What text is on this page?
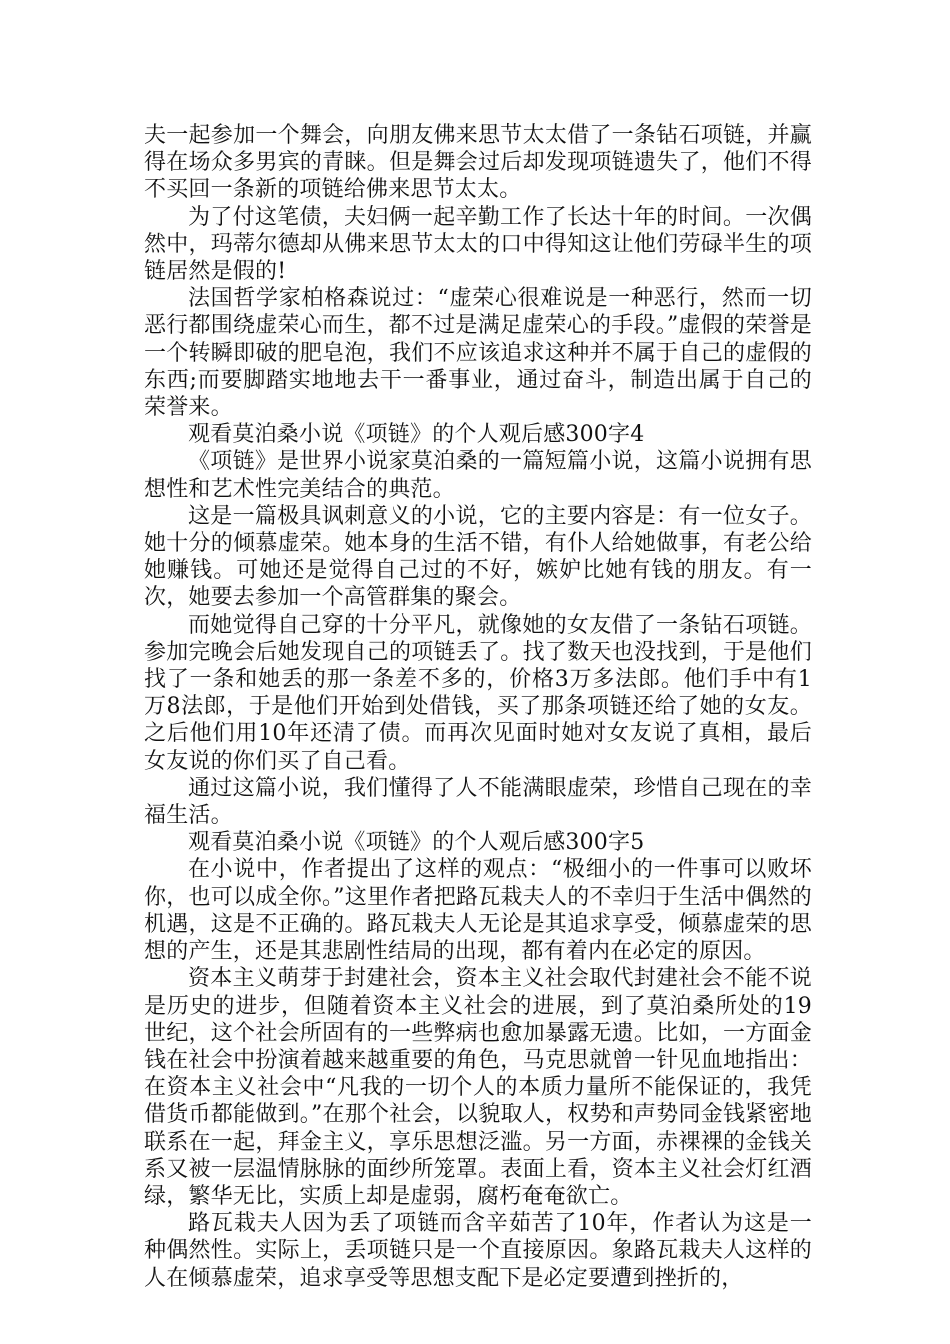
夫一起参加一个舞会，向朋友佛来思节太太借了一条钻石项链，并赢得在场众多男宾的青睐。但是舞会过后却发现项链遗失了，他们不得不买回一条新的项链给佛来思节太太。

为了付这笔债，夫妇俩一起辛勤工作了长达十年的时间。一次偶然中，玛蒂尔德却从佛来思节太太的口中得知这让他们劳碌半生的项链居然是假的!

法国哲学家柏格森说过：“虚荣心很难说是一种恶行，然而一切恶行都围绕虚荣心而生，都不过是满足虚荣心的手段。”虚假的荣誉是一个转瞬即破的肥皂泡，我们不应该追求这种并不属于自己的虚假的东西;而要脚踏实地地去干一番事业，通过奋斗，制造出属于自己的荣誉来。

观看莫泊桑小说《项链》的个人观后感300字4

《项链》是世界小说家莫泊桑的一篇短篇小说，这篇小说拥有思想性和艺术性完美结合的典范。

这是一篇极具讽刺意义的小说，它的主要内容是：有一位女子。她十分的倾慕虚荣。她本身的生活不错，有仆人给她做事，有老公给她赚钱。可她还是觉得自己过的不好，嫉妒比她有钱的朋友。有一次，她要去参加一个高管群集的聚会。

而她觉得自己穿的十分平凡，就像她的女友借了一条钻石项链。参加完晚会后她发现自己的项链丢了。找了数天也没找到，于是他们找了一条和她丢的那一条差不多的，价格3万多法郎。他们手中有1万8法郎，于是他们开始到处借钱，买了那条项链还给了她的女友。之后他们用10年还清了债。而再次见面时她对女友说了真相，最后女友说的你们买了自己看。

通过这篇小说，我们懂得了人不能满眼虚荣，珍惜自己现在的幸福生活。

观看莫泊桑小说《项链》的个人观后感300字5

在小说中，作者提出了这样的观点：“极细小的一件事可以败坏你，也可以成全你。”这里作者把路瓦栽夫人的不幸归于生活中偶然的机遇，这是不正确的。路瓦栽夫人无论是其追求享受，倾慕虚荣的思想的产生，还是其悲剧性结局的出现，都有着内在必定的原因。

资本主义萌芽于封建社会，资本主义社会取代封建社会不能不说是历史的进步，但随着资本主义社会的进展，到了莫泊桑所处的19世纪，这个社会所固有的一些弊病也愈加暴露无遗。比如，一方面金钱在社会中扮演着越来越重要的角色，马克思就曾一针见血地指出：在资本主义社会中“凡我的一切个人的本质力量所不能保证的，我凭借货币都能做到。”在那个社会，以貌取人，权势和声势同金钱紧密地联系在一起，拜金主义，享乐思想泛滥。另一方面，赤裸裸的金钱关系又被一层温情脉脉的面纱所笼罩。表面上看，资本主义社会灯红酒绿，繁华无比，实质上却是虚弱，腐朽奄奄欲亡。

路瓦栽夫人因为丢了项链而含辛茹苦了10年，作者认为这是一种偶然性。实际上，丢项链只是一个直接原因。象路瓦栽夫人这样的人在倾慕虚荣，追求享受等思想支配下是必定要遭到挫折的，
